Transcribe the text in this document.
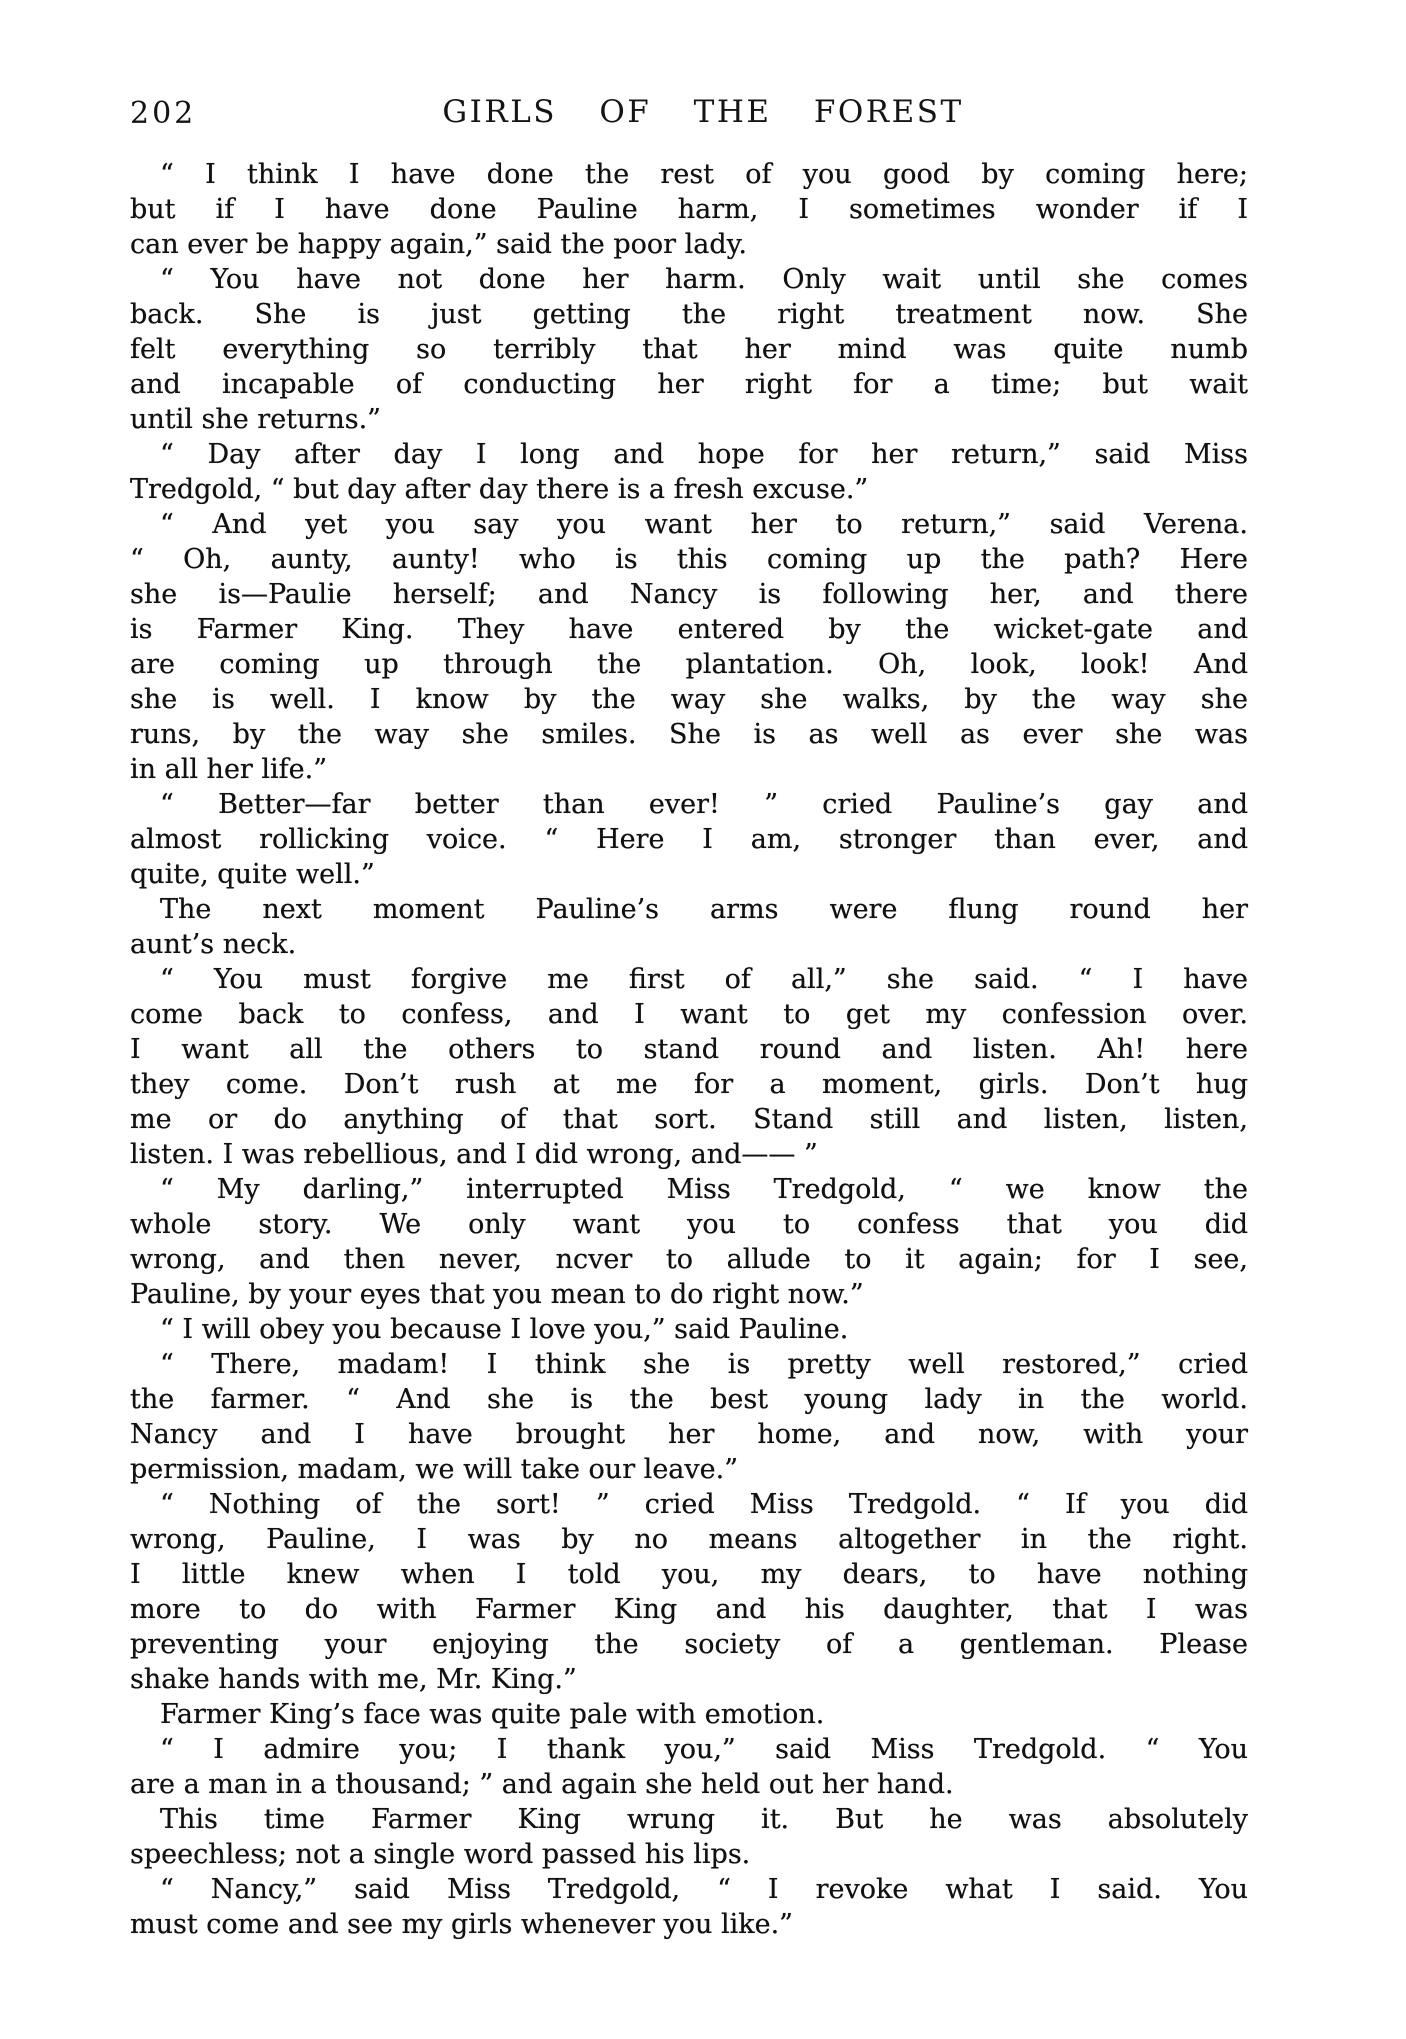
202	GIRLS OF THE FOREST
“ I think I have done the rest of you good by coming here;
but if I have done Pauline harm, I sometimes wonder if I
can ever be happy again,” said the poor lady.
“ You have not done her harm. Only wait until she comes
back. She is just getting the right treatment now. She
felt everything so terribly that her mind was quite numb
and incapable of conducting her right for a time; but wait
until she returns.”
“ Day after day I long and hope for her return,” said Miss
Tredgold, “ but day after day there is a fresh excuse.”
“ And yet you say you want her to return,” said Verena.
“ Oh, aunty, aunty! who is this coming up the path? Here
she is—Paulie herself; and Nancy is following her, and there
is Farmer King. They have entered by the wicket-gate and
are coming up through the plantation. Oh, look, look! And
she is well. I know by the way she walks, by the way she
runs, by the way she smiles. She is as well as ever she was
in all her life.”
“ Better—far better than ever! ” cried Pauline’s gay and
almost rollicking voice. “ Here I am, stronger than ever, and
quite, quite well.”
The next moment Pauline’s arms were flung round her
aunt’s neck.
“ You must forgive me first of all,” she said. “ I have
come back to confess, and I want to get my confession over.
I want all the others to stand round and listen. Ah! here
they come. Don’t rush at me for a moment, girls. Don’t hug
me or do anything of that sort. Stand still and listen, listen,
listen. I was rebellious, and I did wrong, and—— ”
“ My darling,” interrupted Miss Tredgold, “ we know the
whole story. We only want you to confess that you did
wrong, and then never, ncver to allude to it again; for I see,
Pauline, by your eyes that you mean to do right now.”
“ I will obey you because I love you,” said Pauline.
“ There, madam! I think she is pretty well restored,” cried
the farmer. “ And she is the best young lady in the world.
Nancy and I have brought her home, and now, with your
permission, madam, we will take our leave.”
“ Nothing of the sort! ” cried Miss Tredgold. “ If you did
wrong, Pauline, I was by no means altogether in the right.
I little knew when I told you, my dears, to have nothing
more to do with Farmer King and his daughter, that I was
preventing your enjoying the society of a gentleman. Please
shake hands with me, Mr. King.”
Farmer King’s face was quite pale with emotion.
“ I admire you; I thank you,” said Miss Tredgold. “ You
are a man in a thousand; ” and again she held out her hand.
This time Farmer King wrung it. But he was absolutely
speechless; not a single word passed his lips.
“ Nancy,” said Miss Tredgold, “ I revoke what I said. You
must come and see my girls whenever you like.”
